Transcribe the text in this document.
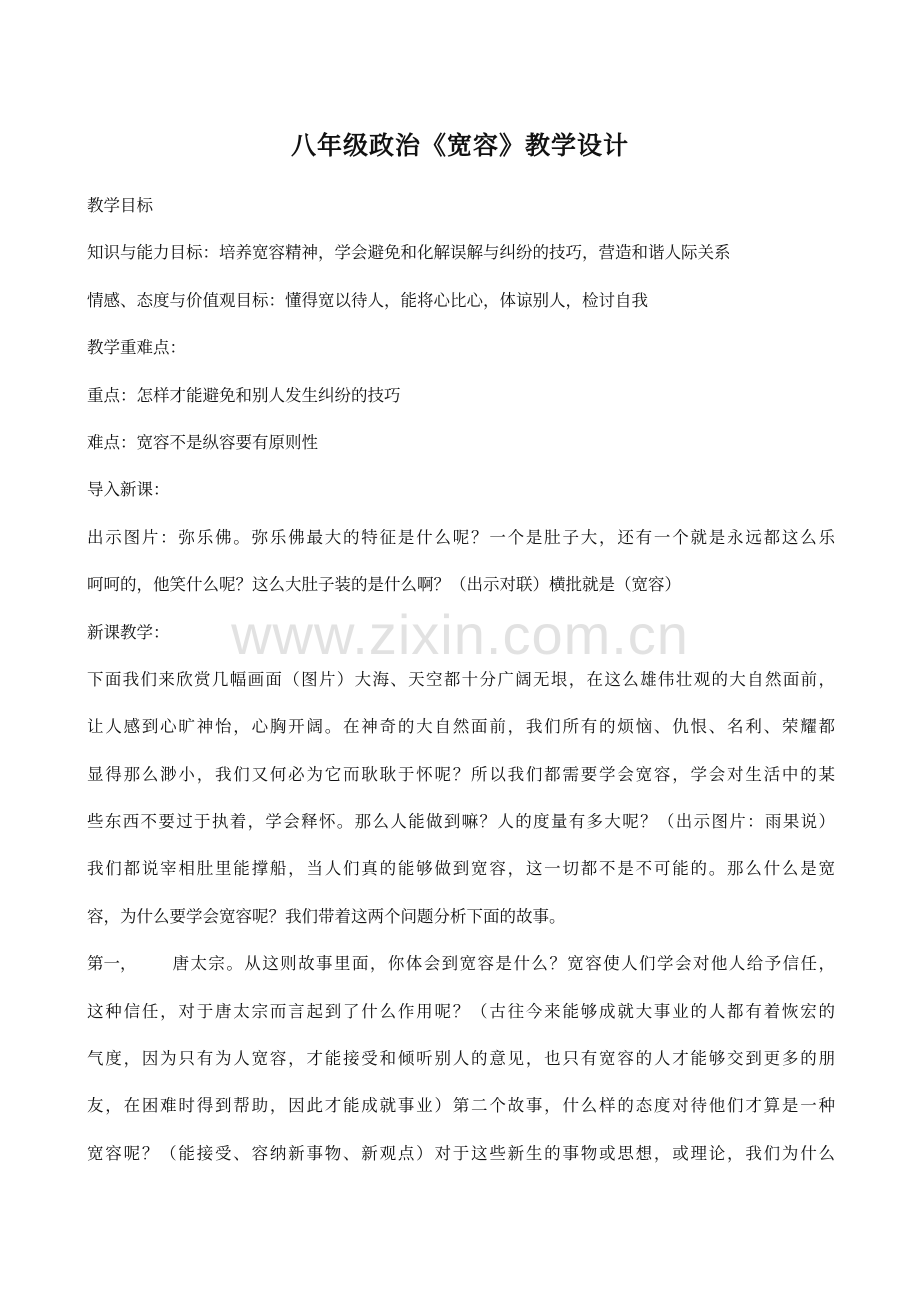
八年级政治《宽容》教学设计
教学目标
知识与能力目标：培养宽容精神，学会避免和化解误解与纠纷的技巧，营造和谐人际关系
情感、态度与价值观目标：懂得宽以待人，能将心比心，体谅别人，检讨自我
教学重难点：
重点：怎样才能避免和别人发生纠纷的技巧
难点：宽容不是纵容要有原则性
导入新课：
出示图片：弥乐佛。弥乐佛最大的特征是什么呢？一个是肚子大，还有一个就是永远都这么乐
呵呵的，他笑什么呢？这么大肚子装的是什么啊？（出示对联）横批就是（宽容）
新课教学：
下面我们来欣赏几幅画面（图片）大海、天空都十分广阔无垠，在这么雄伟壮观的大自然面前，
让人感到心旷神怡，心胸开阔。在神奇的大自然面前，我们所有的烦恼、仇恨、名利、荣耀都
显得那么渺小，我们又何必为它而耿耿于怀呢？所以我们都需要学会宽容，学会对生活中的某
些东西不要过于执着，学会释怀。那么人能做到嘛？人的度量有多大呢？（出示图片：雨果说）
我们都说宰相肚里能撑船，当人们真的能够做到宽容，这一切都不是不可能的。那么什么是宽
容，为什么要学会宽容呢？我们带着这两个问题分析下面的故事。
第一， 唐太宗。从这则故事里面，你体会到宽容是什么？宽容使人们学会对他人给予信任，
这种信任，对于唐太宗而言起到了什么作用呢？（古往今来能够成就大事业的人都有着恢宏的
气度，因为只有为人宽容，才能接受和倾听别人的意见，也只有宽容的人才能够交到更多的朋
友，在困难时得到帮助，因此才能成就事业）第二个故事，什么样的态度对待他们才算是一种
宽容呢？（能接受、容纳新事物、新观点）对于这些新生的事物或思想，或理论，我们为什么
www.zixin.com.cn
